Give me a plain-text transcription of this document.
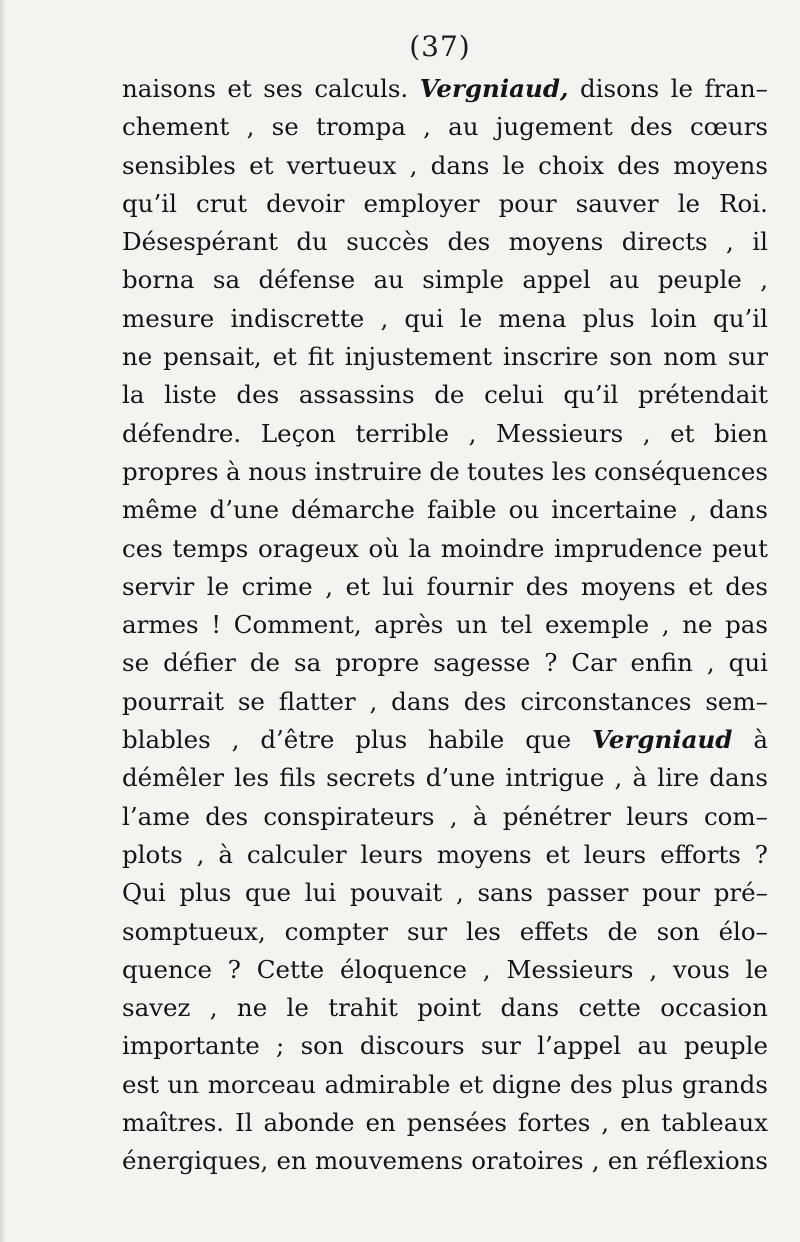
(37)
naisons et ses calculs. Vergniaud, disons le fran–
chement , se trompa , au jugement des cœurs
sensibles et vertueux , dans le choix des moyens
qu’il crut devoir employer pour sauver le Roi.
Désespérant du succès des moyens directs , il
borna sa défense au simple appel au peuple ,
mesure indiscrette , qui le mena plus loin qu’il
ne pensait, et fit injustement inscrire son nom sur
la liste des assassins de celui qu’il prétendait
défendre. Leçon terrible , Messieurs , et bien
propres à nous instruire de toutes les conséquences
même d’une démarche faible ou incertaine , dans
ces temps orageux où la moindre imprudence peut
servir le crime , et lui fournir des moyens et des
armes ! Comment, après un tel exemple , ne pas
se défier de sa propre sagesse ? Car enfin , qui
pourrait se flatter , dans des circonstances sem–
blables , d’être plus habile que Vergniaud à
démêler les fils secrets d’une intrigue , à lire dans
l’ame des conspirateurs , à pénétrer leurs com–
plots , à calculer leurs moyens et leurs efforts ?
Qui plus que lui pouvait , sans passer pour pré–
somptueux, compter sur les effets de son élo–
quence ? Cette éloquence , Messieurs , vous le
savez , ne le trahit point dans cette occasion
importante ; son discours sur l’appel au peuple
est un morceau admirable et digne des plus grands
maîtres. Il abonde en pensées fortes , en tableaux
énergiques, en mouvemens oratoires , en réflexions
